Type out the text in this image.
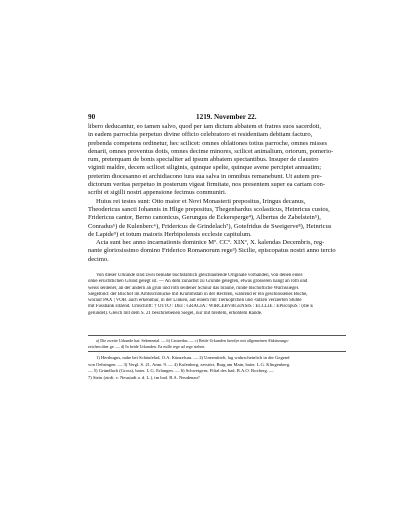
90	1219. November 22.
libero deducantur, eo tamen salvo, quod per iam dictum abbatem et fratres suos sacerdoti,
in eadem parrochia perpetuo divine officio celebratoro et residentiam debitam facturo,
prebenda competens ordinetur, hec scilicet: omnes oblationes totius parroche, omnes misses
denarii, omnes proventus dotis, omnes decime minores, scilicet animalium, ortorum, pomerio-
rum, preterquam de bonis specialiter ad ipsum abbatem spectantibus. Insuper de claustro
viginti maldre, decem scilicet siliginis, quinque spelte, quinque avene percipiet annuatim;
preterim diocesanno et archidiacono iura sua salva in omnibus remanebunt. Ut autem pre-
dictorum veritas perpetuo in posterum vigeat firmitate, nos presentem super ea cartam con-
scribi et sigilli nostri appensione fecimus communiri.
Huius rei testes sunt: Otto maior et Novi Monasterii prepositus, Iringus decanus,
Theodericus sancti Iohannis in Hlige prepositus, Thegenhardus scolasticus, Heinricus custos,
Fridericus cantor, Berno canonicus, Gerungus de Eckersperge⁴), Albertus de Zabelstein⁵),
Conradus⁶) de Kulenberc⁶), Fridericus de Grindelach⁷), Gotefridus de Sweigerve⁸), Heinricus
de Lapide⁹) et totum maioris Herbipolensis ecclesie capitulum.
Acta sunt hec anno incarnationis dominice Mº. CCº. XIXº, X. kalendas Decembris, reg-
nante gloriosissimo domino Friderico Romanorum rege³) Sicilie, episcopatus nostri anno tercio
decimo.
Von dieser Urkunde sind zwei beinahe buchstäblich gleichlautende Originale vorhanden, von denen eines
ohne ersichtlichen Grund gelegt ist. — An dem zunächst zu Grunde gelegten, etwas grösseren hängt an roth und
weiss seidener, an der andern an grün und roth seidener Schnur das braune, runde bischöfliche Wachssiegel.
Siegelbild: der Bischof im Amtsschmucke mit Krummstab in der Rechten, während er ein geschlossenes Buche,
worauf PAX | VOB. auch erkennbar, in der Linken, auf einem mit Tierköpfchen und -tatzen verzierten Stuhle
mit Fussbank sitzend. Umschrift: † OTTO : DEI : GRACIA : WIRCEBVRGENSIS : ECCLIE : EPiscopuS : (die E
gerundet). Gleich mit dem S. 21 beschriebenen Siegel, nur mit breitem, erhöhtem Rande.
a) Die zweite Urkunde hat: Sekenental. — b) Caturedus. — c) Beide Urkunden fuerdye mit allgemeinen Abkürzungs-
zeichen über ge. — d) In beide Urkunden. Ea mille rege ad rege stehen.
1) Herthugus, nahe bei Schäufelad, O.A. Künzelsau. — 2) Unermittelt, lag wahrscheinlich in der Gegend
von Oehringen. — 3) Vergl. S. 21, Anm. 9. — 4) Kulenberg, zerstört, Burg am Main, baier. L.G. Klingenberg.
— 5) Gründlach (Gross), baier. L.G. Erlangen. — 6) Schweigern, Filial des bad. B.A.O. Boxberg. —
7) Stein (zirdt. v. Neustadt a. d. L.), im bad. B.A. Neudenau?
